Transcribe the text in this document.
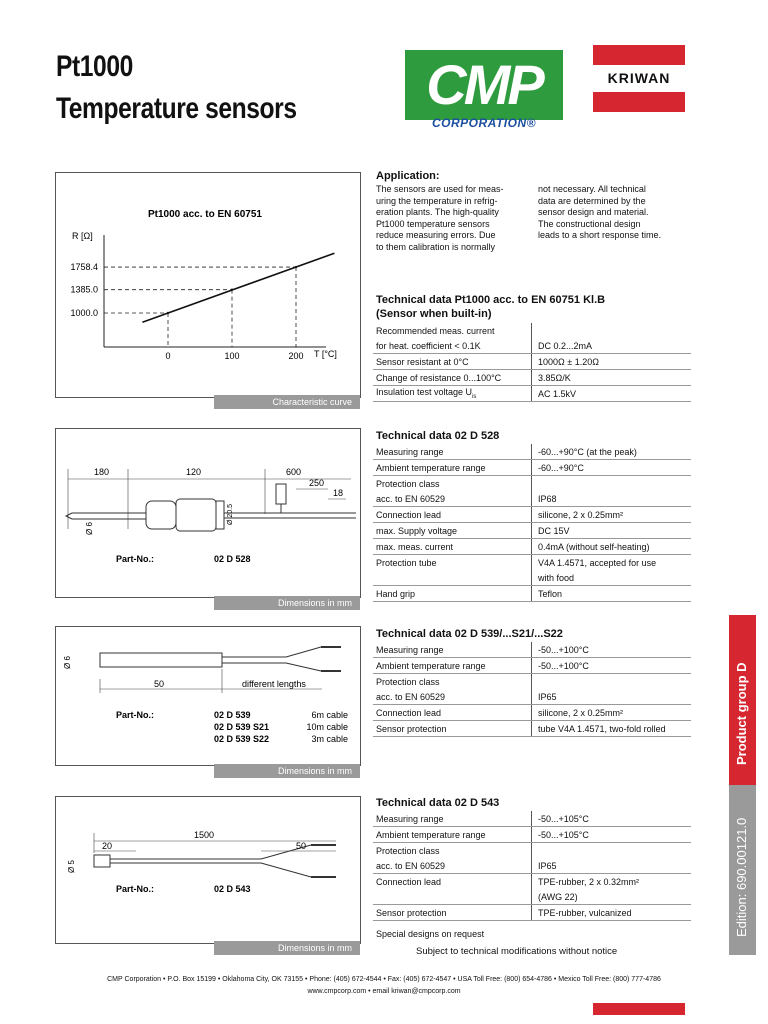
Pt1000
Temperature sensors	CMP
CORPORATION®
KRIWAN
Pt1000 acc. to EN 60751
R [Ω]
T [°C]
0
1000.0
100
1385.0
200
1758.4
Characteristic curve
Application:
The sensors are used for meas-
uring the temperature in refrig-
eration plants. The high-quality
Pt1000 temperature sensors
reduce measuring errors. Due
to them calibration is normally
not necessary. All technical
data are determined by the
sensor design and material.
The constructional design
leads to a short response time.
Technical data Pt1000 acc. to EN 60751 Kl.B
(Sensor when built-in)
Recommended meas. current	
for heat. coefficient < 0.1K	DC 0.2...2mA
Sensor resistant at 0°C	1000Ω ± 1.20Ω
Change of resistance 0...100°C	3.85Ω/K
Insulation test voltage $U_{is}$	AC 1.5kV
180	120	600
250
18
Ø 6
Ø 20.5
Part-No.:	02 D 528
Dimensions in mm
Technical data 02 D 528
Measuring range	-60...+90°C (at the peak)
Ambient temperature range	-60...+90°C
Protection class	
acc. to EN 60529	IP68
Connection lead	silicone, 2 x 0.25mm²
max. Supply voltage	DC 15V
max. meas. current	0.4mA (without self-heating)
Protection tube	V4A 1.4571, accepted for use
	with food
Hand grip	Teflon
50	different lengths
Ø 6
Part-No.:	02 D 539	6m cable
02 D 539 S21	10m cable
02 D 539 S22	3m cable
Dimensions in mm
Technical data 02 D 539/...S21/...S22
Measuring range	-50...+100°C
Ambient temperature range	-50...+100°C
Protection class	
acc. to EN 60529	IP65
Connection lead	silicone, 2 x 0.25mm²
Sensor protection	tube V4A 1.4571, two-fold rolled
1500
20	50
Ø 5
Part-No.:	02 D 543
Dimensions in mm
Technical data 02 D 543
Measuring range	-50...+105°C
Ambient temperature range	-50...+105°C
Protection class	
acc. to EN 60529	IP65
Connection lead	TPE-rubber, 2 x 0.32mm²
	(AWG 22)
Sensor protection	TPE-rubber, vulcanized
Special designs on request
Subject to technical modifications without notice
Product group D
Edition: 690.00121.0
CMP Corporation • P.O. Box 15199 • Oklahoma City, OK 73155 • Phone: (405) 672-4544 • Fax: (405) 672-4547 • USA Toll Free: (800) 654-4786 • Mexico Toll Free: (800) 777-4786
www.cmpcorp.com • email kriwan@cmpcorp.com
